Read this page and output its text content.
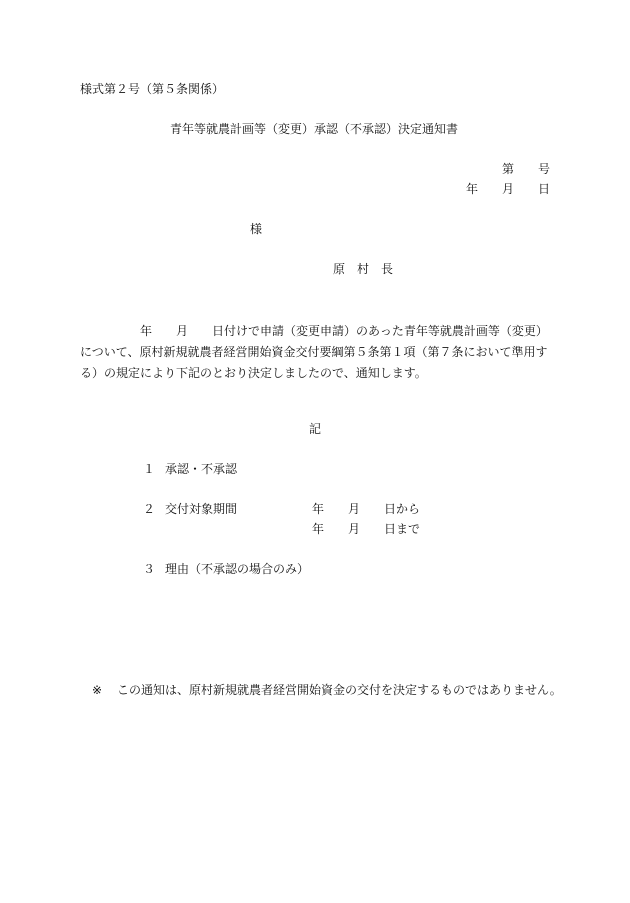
様式第２号（第５条関係）
青年等就農計画等（変更）承認（不承認）決定通知書
第　　号
年　　月　　日
様
原　村　長
　　　　　年　　月　　日付けで申請（変更申請）のあった青年等就農計画等（変更）
について、原村新規就農者経営開始資金交付要綱第５条第１項（第７条において準用す
る）の規定により下記のとおり決定しましたので、通知します。
記
１ 承認・不承認
２ 交付対象期間	年　　月　　日から
年　　月　　日まで
３ 理由（不承認の場合のみ）
※ この通知は、原村新規就農者経営開始資金の交付を決定するものではありません。
